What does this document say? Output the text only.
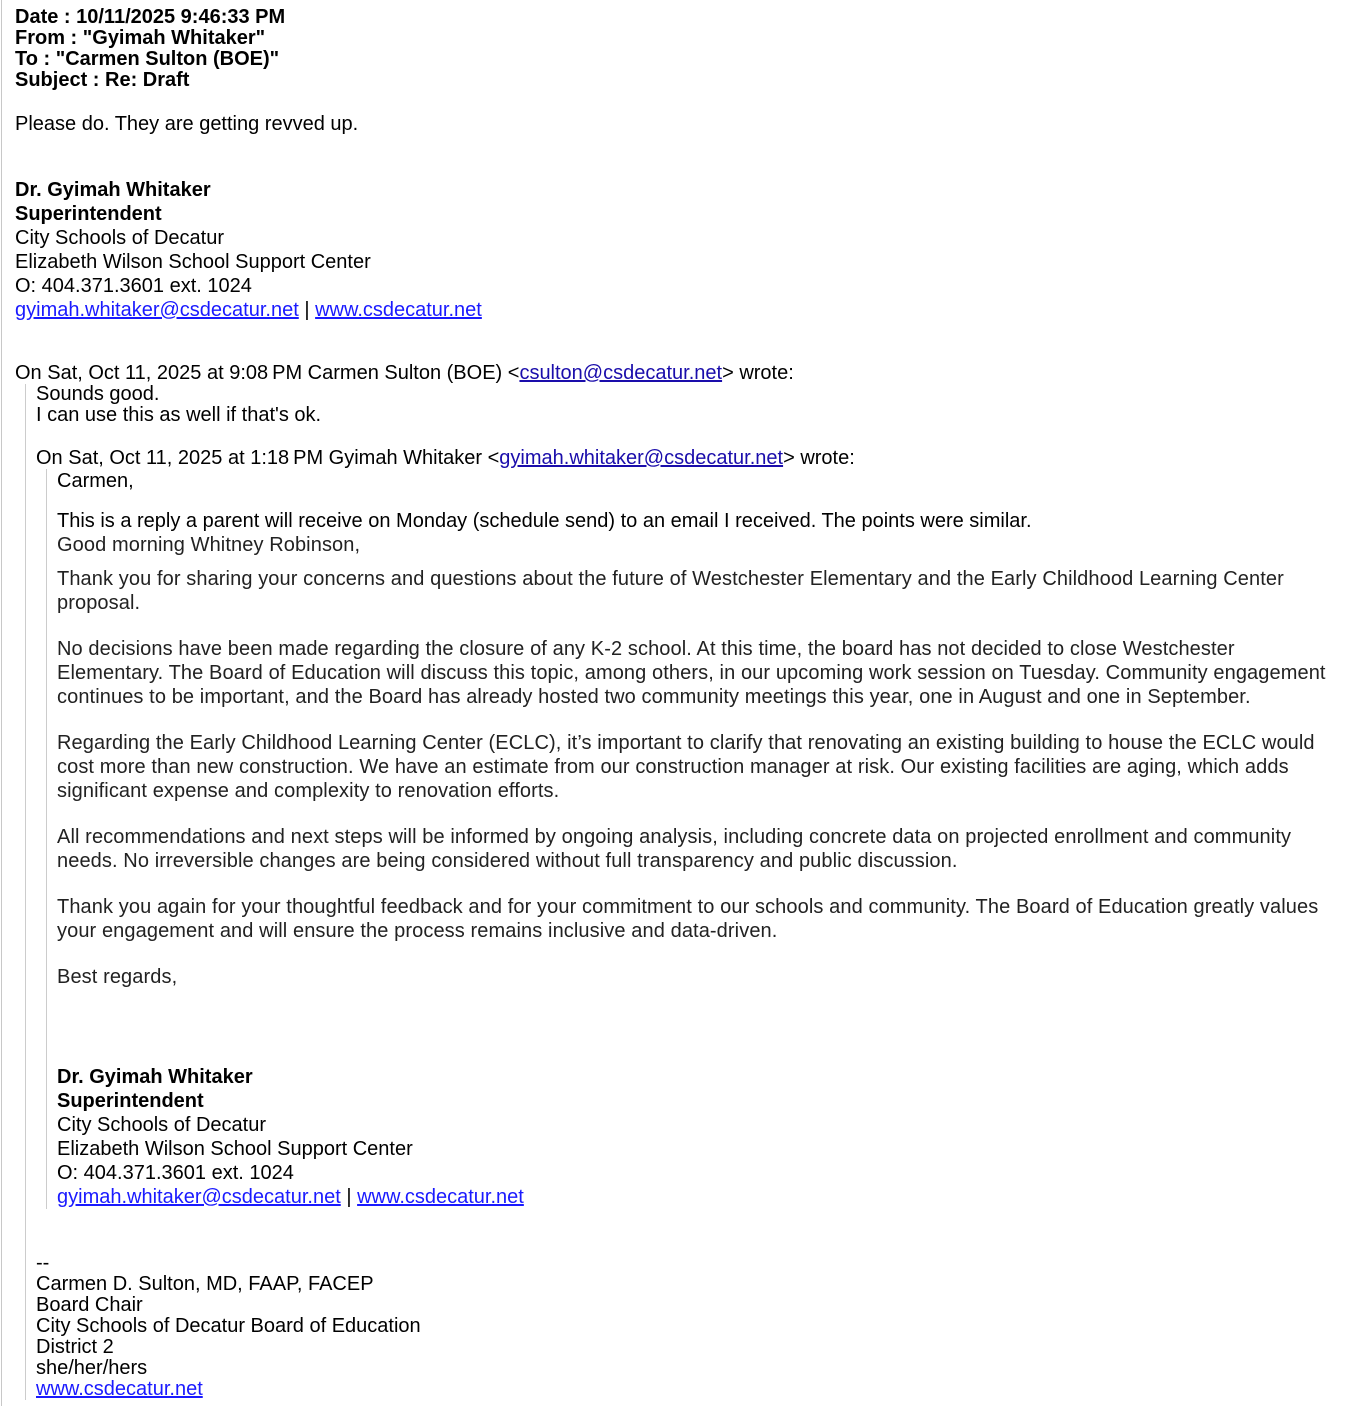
Date : 10/11/2025 9:46:33 PM
From : "Gyimah Whitaker"
To : "Carmen Sulton (BOE)"
Subject : Re: Draft
Please do. They are getting revved up.
Dr. Gyimah Whitaker
Superintendent
City Schools of Decatur
Elizabeth Wilson School Support Center
O: 404.371.3601 ext. 1024
gyimah.whitaker@csdecatur.net | www.csdecatur.net
On Sat, Oct 11, 2025 at 9:08 PM Carmen Sulton (BOE) <csulton@csdecatur.net> wrote:
Sounds good.
I can use this as well if that's ok.
On Sat, Oct 11, 2025 at 1:18 PM Gyimah Whitaker <gyimah.whitaker@csdecatur.net> wrote:
Carmen,
This is a reply a parent will receive on Monday (schedule send) to an email I received. The points were similar.

Good morning Whitney Robinson,

Thank you for sharing your concerns and questions about the future of Westchester Elementary and the Early Childhood Learning Center proposal.

No decisions have been made regarding the closure of any K-2 school. At this time, the board has not decided to close Westchester Elementary. The Board of Education will discuss this topic, among others, in our upcoming work session on Tuesday. Community engagement continues to be important, and the Board has already hosted two community meetings this year, one in August and one in September.

Regarding the Early Childhood Learning Center (ECLC), it’s important to clarify that renovating an existing building to house the ECLC would cost more than new construction. We have an estimate from our construction manager at risk. Our existing facilities are aging, which adds significant expense and complexity to renovation efforts.

All recommendations and next steps will be informed by ongoing analysis, including concrete data on projected enrollment and community needs. No irreversible changes are being considered without full transparency and public discussion.

Thank you again for your thoughtful feedback and for your commitment to our schools and community. The Board of Education greatly values your engagement and will ensure the process remains inclusive and data-driven.

Best regards,

Dr. Gyimah Whitaker
Superintendent
City Schools of Decatur
Elizabeth Wilson School Support Center
O: 404.371.3601 ext. 1024
gyimah.whitaker@csdecatur.net | www.csdecatur.net
--
Carmen D. Sulton, MD, FAAP, FACEP
Board Chair
City Schools of Decatur Board of Education
District 2
she/her/hers
www.csdecatur.net
